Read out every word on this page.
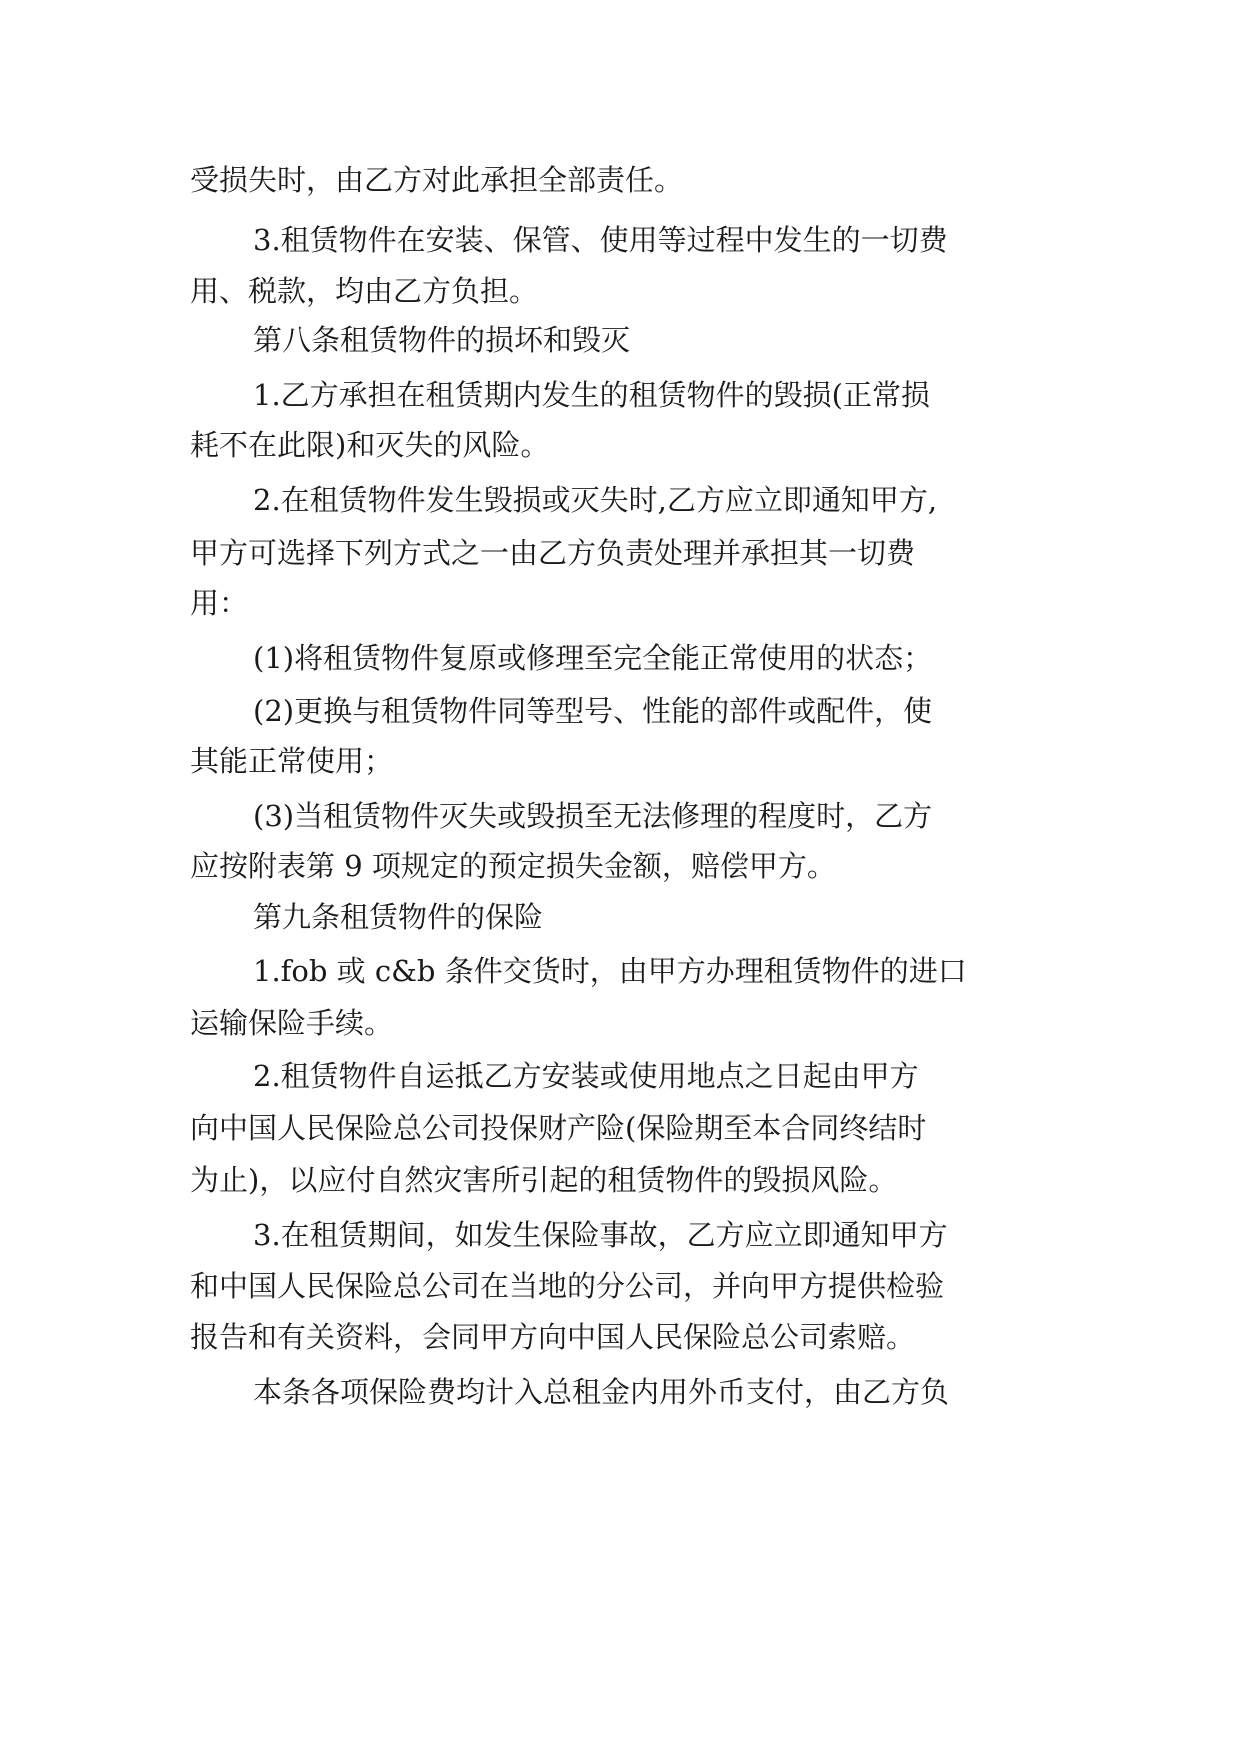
受损失时，由乙方对此承担全部责任。
3.租赁物件在安装、保管、使用等过程中发生的一切费
用、税款，均由乙方负担。
第八条租赁物件的损坏和毁灭
1.乙方承担在租赁期内发生的租赁物件的毁损(正常损
耗不在此限)和灭失的风险。
2.在租赁物件发生毁损或灭失时,乙方应立即通知甲方,
甲方可选择下列方式之一由乙方负责处理并承担其一切费
用：
(1)将租赁物件复原或修理至完全能正常使用的状态；
(2)更换与租赁物件同等型号、性能的部件或配件，使
其能正常使用；
(3)当租赁物件灭失或毁损至无法修理的程度时，乙方
应按附表第 9 项规定的预定损失金额，赔偿甲方。
第九条租赁物件的保险
1.fob 或 c&b 条件交货时，由甲方办理租赁物件的进口
运输保险手续。
2.租赁物件自运抵乙方安装或使用地点之日起由甲方
向中国人民保险总公司投保财产险(保险期至本合同终结时
为止)，以应付自然灾害所引起的租赁物件的毁损风险。
3.在租赁期间，如发生保险事故，乙方应立即通知甲方
和中国人民保险总公司在当地的分公司，并向甲方提供检验
报告和有关资料，会同甲方向中国人民保险总公司索赔。
本条各项保险费均计入总租金内用外币支付，由乙方负
